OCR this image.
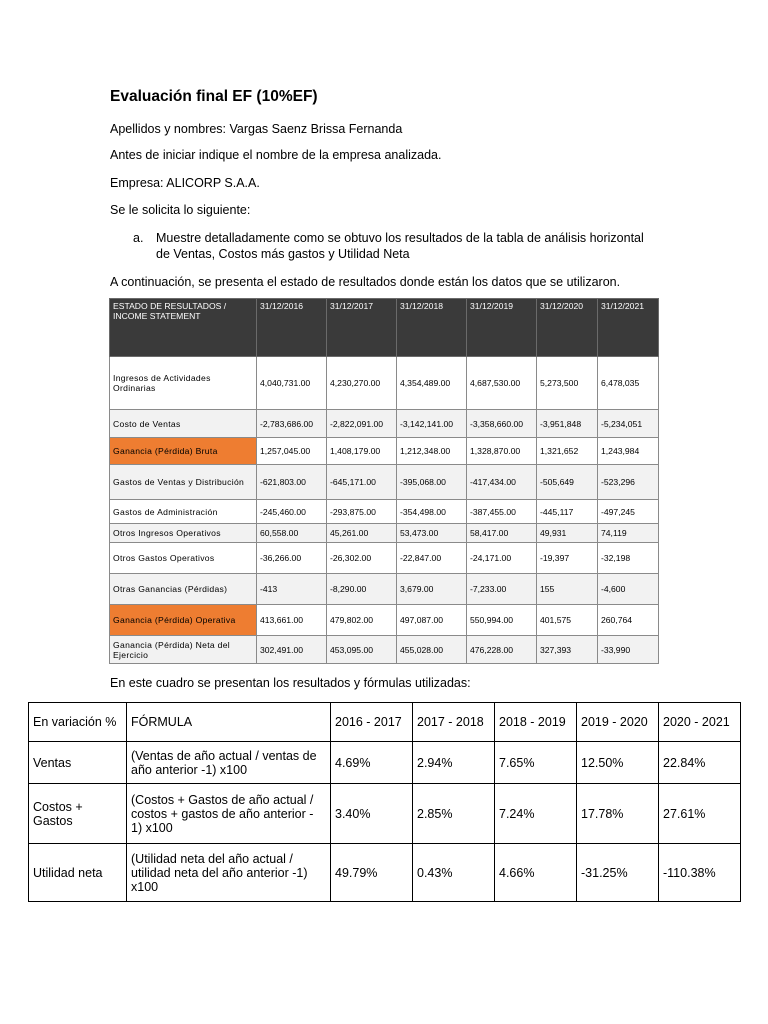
Evaluación final EF (10%EF)
Apellidos y nombres: Vargas Saenz Brissa Fernanda
Antes de iniciar indique el nombre de la empresa analizada.
Empresa: ALICORP S.A.A.
Se le solicita lo siguiente:
a. Muestre detalladamente como se obtuvo los resultados de la tabla de análisis horizontal de Ventas, Costos más gastos y Utilidad Neta
A continuación, se presenta el estado de resultados donde están los datos que se utilizaron.
ESTADO DE RESULTADOS / INCOME STATEMENT	31/12/2016	31/12/2017	31/12/2018	31/12/2019	31/12/2020	31/12/2021
Ingresos de Actividades Ordinarias	4,040,731.00	4,230,270.00	4,354,489.00	4,687,530.00	5,273,500	6,478,035
Costo de Ventas	-2,783,686.00	-2,822,091.00	-3,142,141.00	-3,358,660.00	-3,951,848	-5,234,051
Ganancia (Pérdida) Bruta	1,257,045.00	1,408,179.00	1,212,348.00	1,328,870.00	1,321,652	1,243,984
Gastos de Ventas y Distribución	-621,803.00	-645,171.00	-395,068.00	-417,434.00	-505,649	-523,296
Gastos de Administración	-245,460.00	-293,875.00	-354,498.00	-387,455.00	-445,117	-497,245
Otros Ingresos Operativos	60,558.00	45,261.00	53,473.00	58,417.00	49,931	74,119
Otros Gastos Operativos	-36,266.00	-26,302.00	-22,847.00	-24,171.00	-19,397	-32,198
Otras Ganancias (Pérdidas)	-413	-8,290.00	3,679.00	-7,233.00	155	-4,600
Ganancia (Pérdida) Operativa	413,661.00	479,802.00	497,087.00	550,994.00	401,575	260,764
Ganancia (Pérdida) Neta del Ejercicio	302,491.00	453,095.00	455,028.00	476,228.00	327,393	-33,990
En este cuadro se presentan los resultados y fórmulas utilizadas:
En variación %	FÓRMULA	2016 - 2017	2017 - 2018	2018 - 2019	2019 - 2020	2020 - 2021
Ventas	(Ventas de año actual / ventas de año anterior -1) x100	4.69%	2.94%	7.65%	12.50%	22.84%
Costos + Gastos	(Costos + Gastos de año actual / costos + gastos de año anterior - 1) x100	3.40%	2.85%	7.24%	17.78%	27.61%
Utilidad neta	(Utilidad neta del año actual / utilidad neta del año anterior -1) x100	49.79%	0.43%	4.66%	-31.25%	-110.38%
